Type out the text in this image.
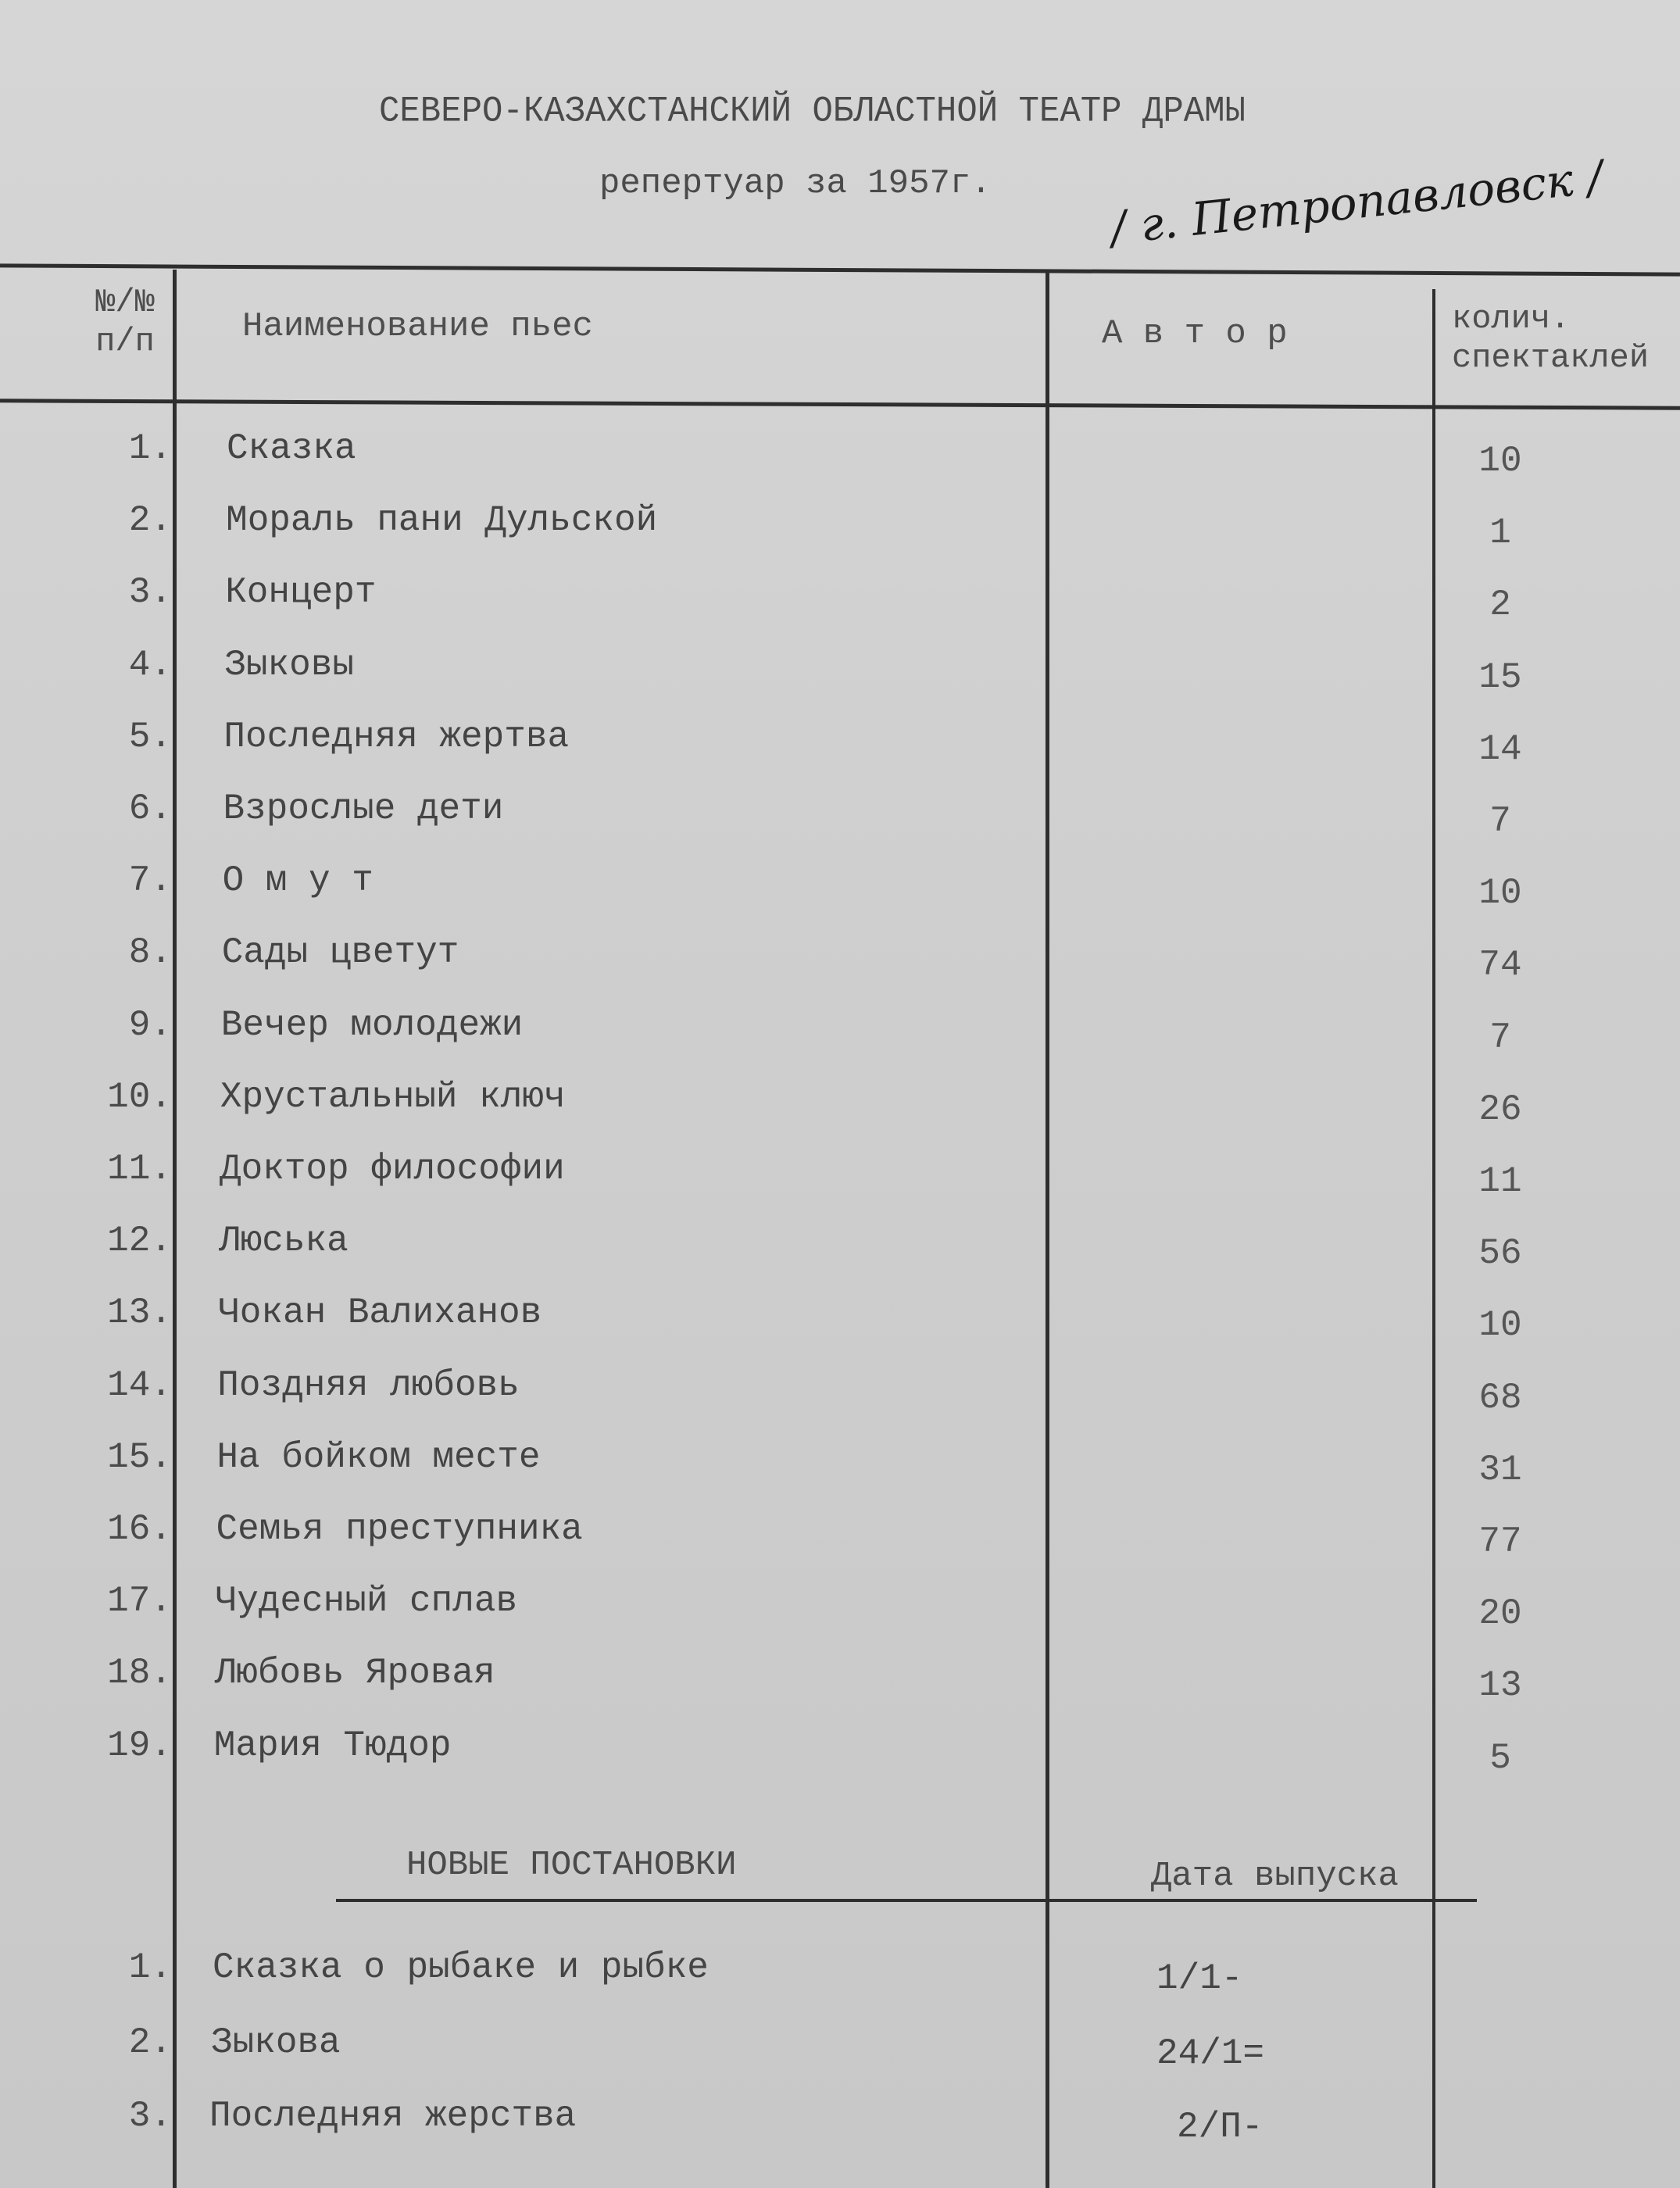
СЕВЕРО-КАЗАХСТАНСКИЙ ОБЛАСТНОЙ ТЕАТР ДРАМЫ
репертуар за 1957г.	/ г. Петропавловск /
№/№
п/п	Наименование пьес	А в т о р	колич.
спектаклей
1. Сказка	10
2. Мораль пани Дульской	1
3. Концерт	2
4. Зыковы	15
5. Последняя жертва	14
6. Взрослые дети	7
7. О м у т	10
8. Сады цветут	74
9. Вечер молодежи	7
10. Хрустальный ключ	26
11. Доктор философии	11
12. Люська	56
13. Чокан Валиханов	10
14. Поздняя любовь	68
15. На бойком месте	31
16. Семья преступника	77
17. Чудесный сплав	20
18. Любовь Яровая	13
19. Мария Тюдор	5
НОВЫЕ ПОСТАНОВКИ	Дата выпуска
1. Сказка о рыбаке и рыбке	1/1-
2. Зыкова	24/1=
3. Последняя жерства	2/П-
